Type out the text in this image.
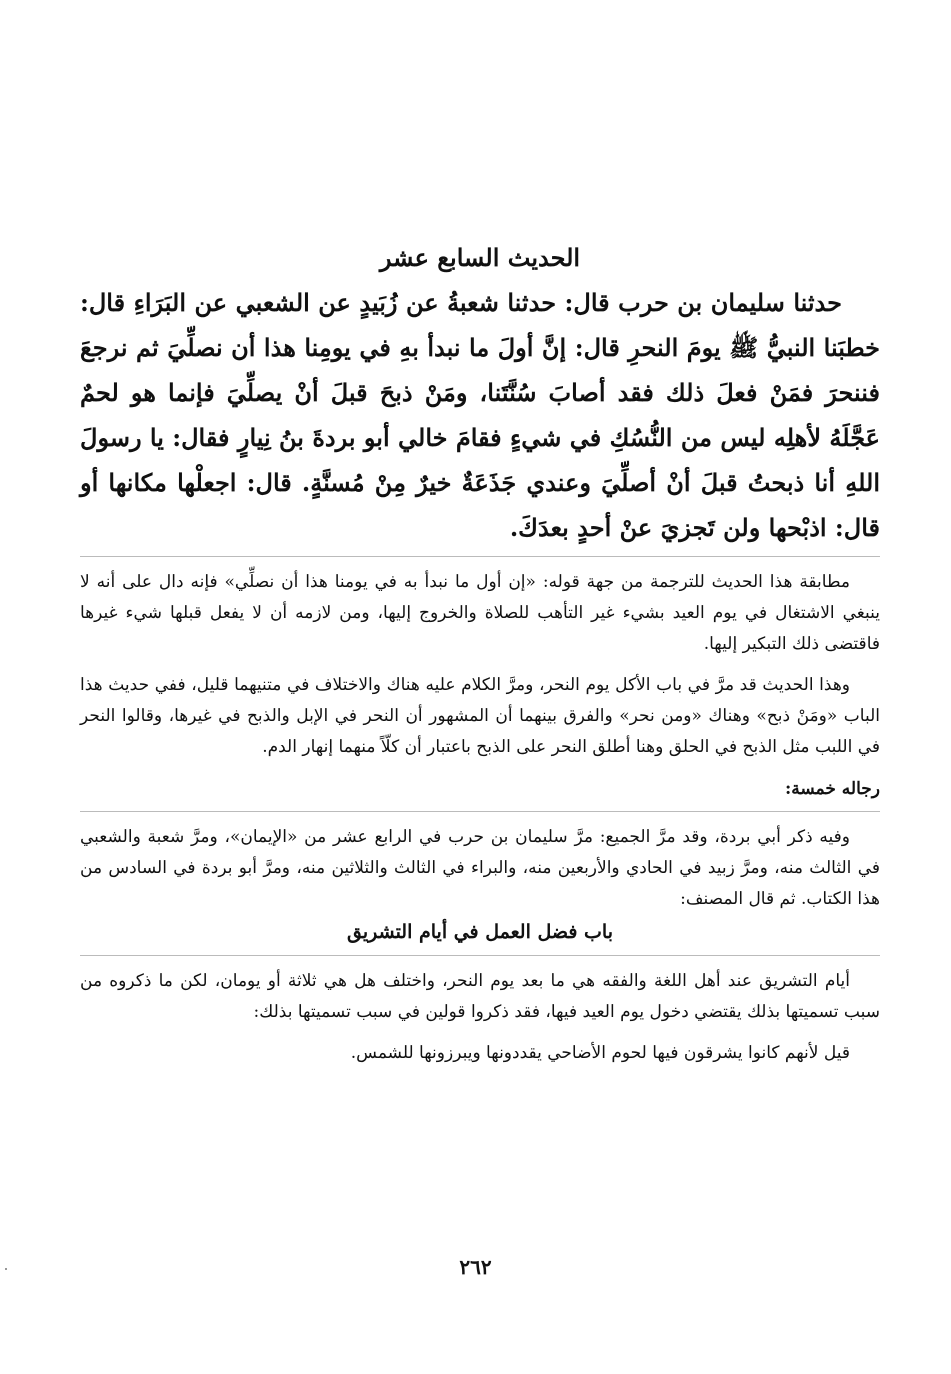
الحديث السابع عشر

حدثنا سليمان بن حرب قال: حدثنا شعبةُ عن زُبَيدٍ عن الشعبي عن البَرَاءِ قال: خطبَنا النبيُّ ﷺ يومَ النحرِ قال: إنَّ أولَ ما نبدأ بهِ في يومِنا هذا أن نصلِّيَ ثم نرجعَ فننحرَ فمَنْ فعلَ ذلك فقد أصابَ سُنَّتَنا، ومَنْ ذبحَ قبلَ أنْ يصلِّيَ فإنما هو لحمٌ عَجَّلَهُ لأهلِه ليس من النُّسُكِ في شيءٍ فقامَ خالي أبو بردةَ بنُ نِيارٍ فقال: يا رسولَ اللهِ أنا ذبحتُ قبلَ أنْ أصلِّيَ وعندي جَذَعَةٌ خيرٌ مِنْ مُسنَّةٍ. قال: اجعلْها مكانها أو قال: اذبْحها ولن تَجزيَ عنْ أحدٍ بعدَكَ.

مطابقة هذا الحديث للترجمة من جهة قوله: «إن أول ما نبدأ به في يومنا هذا أن نصلِّي» فإنه دال على أنه لا ينبغي الاشتغال في يوم العيد بشيء غير التأهب للصلاة والخروج إليها، ومن لازمه أن لا يفعل قبلها شيء غيرها فاقتضى ذلك التبكير إليها.

وهذا الحديث قد مرَّ في باب الأكل يوم النحر، ومرَّ الكلام عليه هناك والاختلاف في متنيهما قليل، ففي حديث هذا الباب «ومَنْ ذبح» وهناك «ومن نحر» والفرق بينهما أن المشهور أن النحر في الإبل والذبح في غيرها، وقالوا النحر في اللبب مثل الذبح في الحلق وهنا أطلق النحر على الذبح باعتبار أن كلّاً منهما إنهار الدم.

رجاله خمسة:

وفيه ذكر أبي بردة، وقد مرَّ الجميع: مرَّ سليمان بن حرب في الرابع عشر من «الإيمان»، ومرَّ شعبة والشعبي في الثالث منه، ومرَّ زبيد في الحادي والأربعين منه، والبراء في الثالث والثلاثين منه، ومرَّ أبو بردة في السادس من هذا الكتاب. ثم قال المصنف:

باب فضل العمل في أيام التشريق

أيام التشريق عند أهل اللغة والفقه هي ما بعد يوم النحر، واختلف هل هي ثلاثة أو يومان، لكن ما ذكروه من سبب تسميتها بذلك يقتضي دخول يوم العيد فيها، فقد ذكروا قولين في سبب تسميتها بذلك:

قيل لأنهم كانوا يشرقون فيها لحوم الأضاحي يقددونها ويبرزونها للشمس.

٢٦٢
